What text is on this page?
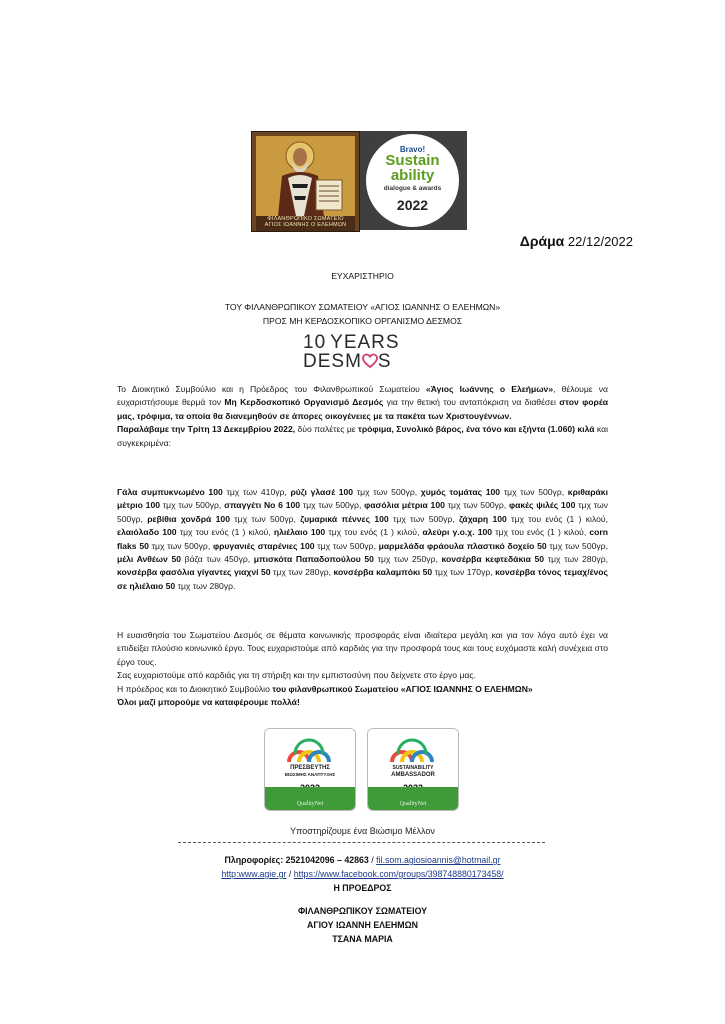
ΦΙΛΑΝΘΡΩΠΙΚΟ ΣΩΜΑΤΕΙΟ
ΑΓΙΟΣ ΙΩΑΝΝΗΣ Ο ΕΛΕΗΜΩΝ
Bravo!
Sustain
ability
dialogue & awards
2022
Δράμα 22/12/2022
ΕΥΧΑΡΙΣΤΗΡΙΟ
ΤΟΥ ΦΙΛΑΝΘΡΩΠΙΚΟΥ ΣΩΜΑΤΕΙΟΥ «ΑΓΙΟΣ ΙΩΑΝΝΗΣ Ο ΕΛΕΗΜΩΝ»
ΠΡΟΣ ΜΗ ΚΕΡΔΟΣΚΟΠΙΚΟ ΟΡΓΑΝΙΣΜΟ ΔΕΣΜΟΣ
10 YEARS
DESM S

Το Διοικητικό Συμβούλιο και η Πρόεδρος του Φιλανθρωπικού Σωματείου «Άγιος Ιωάννης ο Ελεήμων», θέλουμε να ευχαριστήσουμε θερμά τον Μη Κερδοσκοπικό Οργανισμό Δεσμός για την θετική του ανταπόκριση να διαθέσει στον φορέα μας, τρόφιμα, τα οποία θα διανεμηθούν σε άπορες οικογένειες με τα πακέτα των Χριστουγέννων.

Παραλάβαμε την Τρίτη 13 Δεκεμβρίου 2022, δύο παλέτες με τρόφιμα, Συνολικό βάρος, ένα τόνο και εξήντα (1.060) κιλά και συγκεκριμένα:

Γάλα συμπυκνωμένο 100 τμχ των 410γρ, ρύζι γλασέ 100 τμχ των 500γρ, χυμός τομάτας 100 τμχ των 500γρ, κριθαράκι μέτριο 100 τμχ των 500γρ, σπαγγέτι Νο 6 100 τμχ των 500γρ, φασόλια μέτρια 100 τμχ των 500γρ, φακές ψιλές 100 τμχ των 500γρ, ρεβίθια χονδρά 100 τμχ των 500γρ, ζυμαρικά πέννες 100 τμχ των 500γρ, ζάχαρη 100 τμχ του ενός (1 ) κιλού, ελαιόλαδο 100 τμχ του ενός (1 ) κιλού, ηλιέλαιο 100 τμχ του ενός (1 ) κιλού, αλεύρι γ.ο.χ. 100 τμχ του ενός (1 ) κιλού, corn flaks 50 τμχ των 500γρ, φρυγανιές σταρένιες 100 τμχ των 500γρ, μαρμελάδα φράουλα πλαστικό δοχείο 50 τμχ των 500γρ, μέλι Ανθέων 50 βάζα των 450γρ, μπισκότα Παπαδοπούλου 50 τμχ των 250γρ, κονσέρβα κεφτεδάκια 50 τμχ των 280γρ, κονσέρβα φασόλια γίγαντες γιαχνί 50 τμχ των 280γρ, κονσέρβα καλαμπόκι 50 τμχ των 170γρ, κονσέρβα τόνος τεμαχ/ένος σε ηλιέλαιο 50 τμχ των 280γρ.

Η ευαισθησία του Σωματείου Δεσμός σε θέματα κοινωνικής προσφοράς είναι ιδιαίτερα μεγάλη και για τον λόγο αυτό έχει να επιδείξει πλούσιο κοινωνικό έργο. Τους ευχαριστούμε από καρδιάς για την προσφορά τους και τους ευχόμαστε καλή συνέχεια στο έργο τους.

Σας ευχαριστούμε από καρδιάς για τη στήριξη και την εμπιστοσύνη που δείχνετε στο έργο μας.

Η πρόεδρος και το Διοικητικό Συμβούλιο του φιλανθρωπικού Σωματείου «ΑΓΙΟΣ ΙΩΑΝΝΗΣ Ο ΕΛΕΗΜΩΝ»

Όλοι μαζί μπορούμε να καταφέρουμε πολλά!

ΠΡΕΣΒΕΥΤΗΣ
ΒΙΩΣΙΜΗΣ ΑΝΑΠΤΥΞΗΣ
QualityNet
SUSTAINABILITY
AMBASSADOR
QualityNet
Υποστηρίζουμε ένα Βιώσιμο Μέλλον
Πληροφορίες: 2521042096 – 42863 / fil.som.agiosioannis@hotmail.gr
http:www.agie.gr / https://www.facebook.com/groups/398748880173458/
Η ΠΡΟΕΔΡΟΣ
ΦΙΛΑΝΘΡΩΠΙΚΟΥ ΣΩΜΑΤΕΙΟΥ
ΑΓΙΟΥ ΙΩΑΝΝΗ ΕΛΕΗΜΩΝ
ΤΣΑΝΑ ΜΑΡΙΑ
